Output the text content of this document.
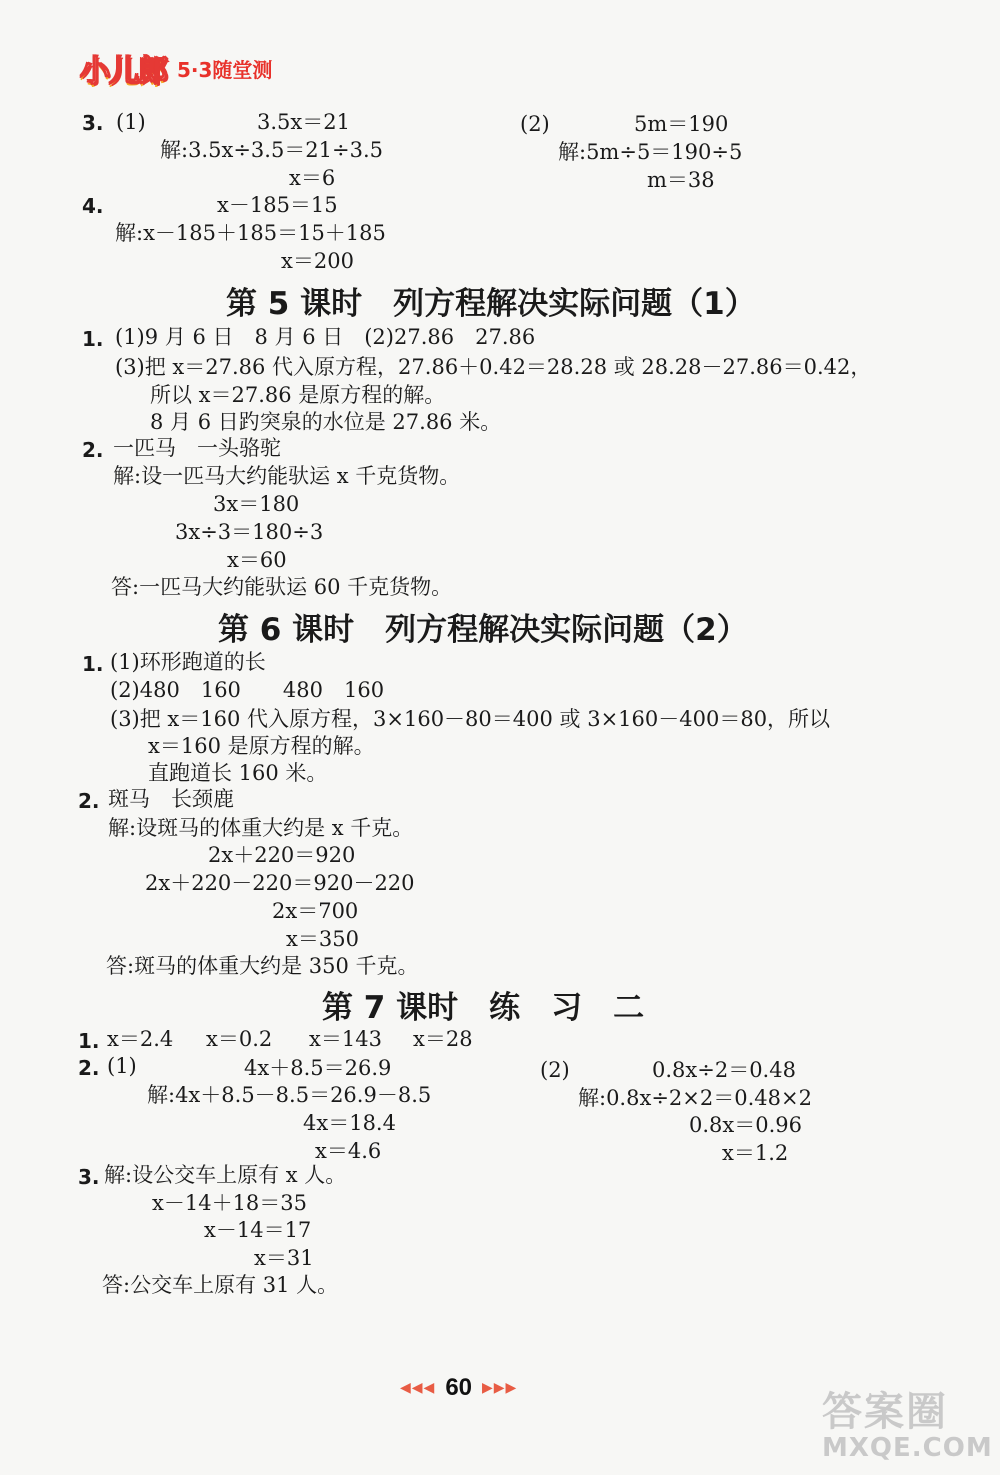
小儿郎 5·3随堂测
3. (1)	3.5x＝21
解:3.5x÷3.5＝21÷3.5
x＝6
(2)	5m＝190
解:5m÷5＝190÷5
m＝38
4.	x－185＝15
解:x－185＋185＝15＋185
x＝200
第 5 课时　列方程解决实际问题（1）
1. (1)9 月 6 日　8 月 6 日　(2)27.86　27.86
(3)把 x＝27.86 代入原方程，27.86＋0.42＝28.28 或 28.28－27.86＝0.42，
所以 x＝27.86 是原方程的解。
8 月 6 日趵突泉的水位是 27.86 米。
2. 一匹马　一头骆驼
解:设一匹马大约能驮运 x 千克货物。
3x＝180
3x÷3＝180÷3
x＝60
答:一匹马大约能驮运 60 千克货物。
第 6 课时　列方程解决实际问题（2）
1. (1)环形跑道的长
(2)480　160　　480　160
(3)把 x＝160 代入原方程，3×160－80＝400 或 3×160－400＝80，所以
x＝160 是原方程的解。
直跑道长 160 米。
2. 斑马　长颈鹿
解:设斑马的体重大约是 x 千克。
2x＋220＝920
2x＋220－220＝920－220
2x＝700
x＝350
答:斑马的体重大约是 350 千克。
第 7 课时　练　习　二
1. x＝2.4 x＝0.2 x＝143 x＝28
2. (1)	4x＋8.5＝26.9
解:4x＋8.5－8.5＝26.9－8.5
4x＝18.4
x＝4.6
(2)	0.8x÷2＝0.48
解:0.8x÷2×2＝0.48×2
0.8x＝0.96
x＝1.2
3. 解:设公交车上原有 x 人。
x－14＋18＝35
x－14＝17
x＝31
答:公交车上原有 31 人。
◀◀◀ 60 ▶▶▶
答案圈
MXQE.COM
